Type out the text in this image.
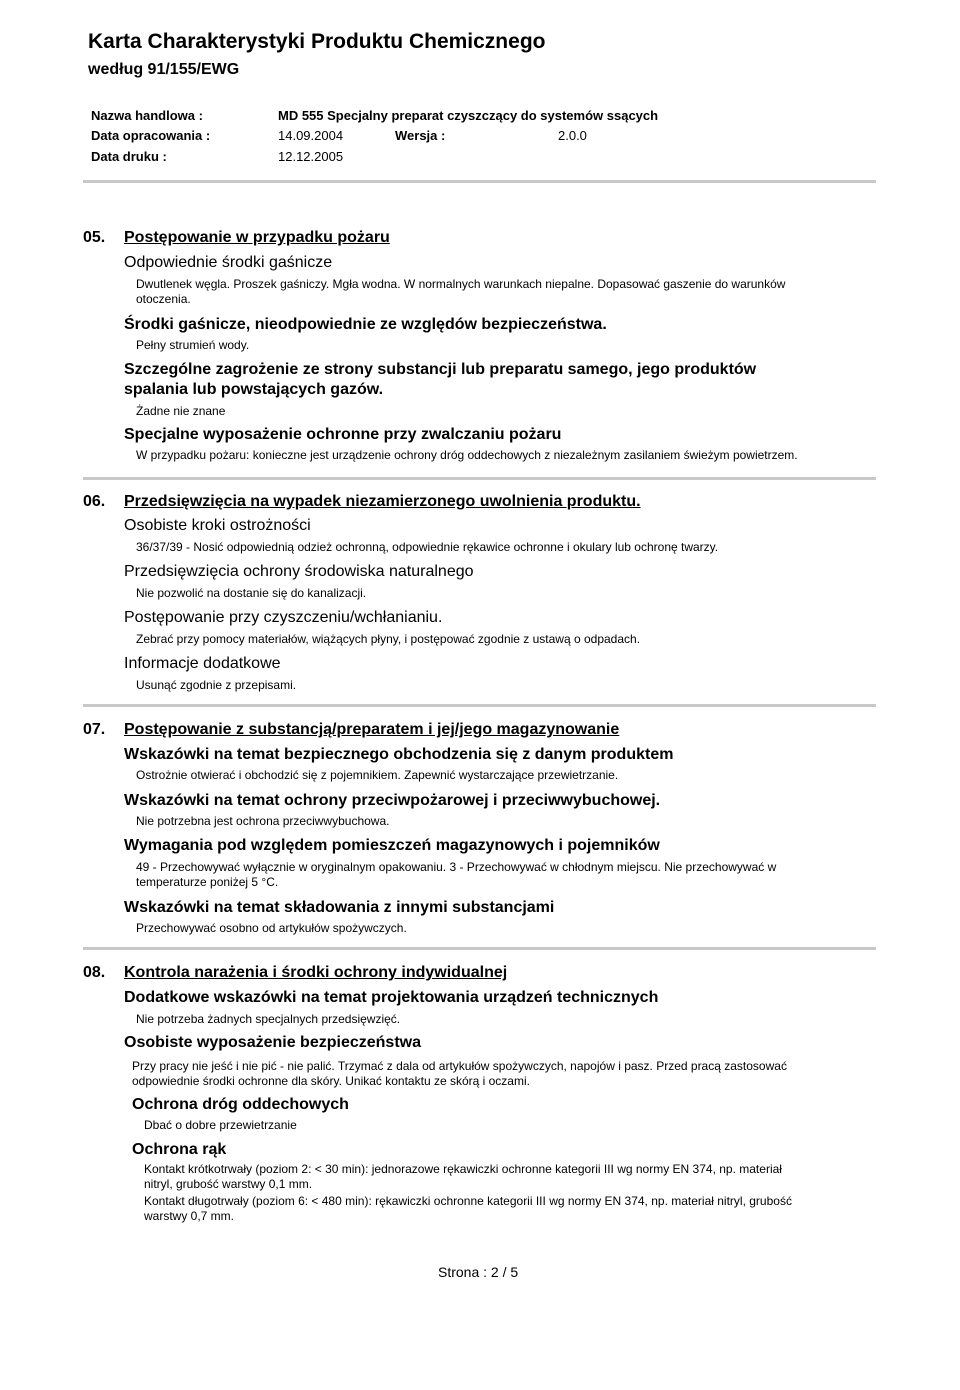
Karta Charakterystyki Produktu Chemicznego
według 91/155/EWG
Nazwa handlowa :	MD 555 Specjalny preparat czyszczący do systemów ssących
Data opracowania :	14.09.2004	Wersja :	2.0.0
Data druku :	12.12.2005
05. Postępowanie w przypadku pożaru
Odpowiednie środki gaśnicze
Dwutlenek węgla. Proszek gaśniczy. Mgła wodna. W normalnych warunkach niepalne. Dopasować gaszenie do warunków
otoczenia.
Środki gaśnicze, nieodpowiednie ze względów bezpieczeństwa.
Pełny strumień wody.
Szczególne zagrożenie ze strony substancji lub preparatu samego, jego produktów
spalania lub powstających gazów.
Żadne nie znane
Specjalne wyposażenie ochronne przy zwalczaniu pożaru
W przypadku pożaru: konieczne jest urządzenie ochrony dróg oddechowych z niezależnym zasilaniem świeżym powietrzem.
06. Przedsięwzięcia na wypadek niezamierzonego uwolnienia produktu.
Osobiste kroki ostrożności
36/37/39 - Nosić odpowiednią odzież ochronną, odpowiednie rękawice ochronne i okulary lub ochronę twarzy.
Przedsięwzięcia ochrony środowiska naturalnego
Nie pozwolić na dostanie się do kanalizacji.
Postępowanie przy czyszczeniu/wchłanianiu.
Zebrać przy pomocy materiałów, wiążących płyny, i postępować zgodnie z ustawą o odpadach.
Informacje dodatkowe
Usunąć zgodnie z przepisami.
07. Postępowanie z substancją/preparatem i jej/jego magazynowanie
Wskazówki na temat bezpiecznego obchodzenia się z danym produktem
Ostrożnie otwierać i obchodzić się z pojemnikiem. Zapewnić wystarczające przewietrzanie.
Wskazówki na temat ochrony przeciwpożarowej i przeciwwybuchowej.
Nie potrzebna jest ochrona przeciwwybuchowa.
Wymagania pod względem pomieszczeń magazynowych i pojemników
49 - Przechowywać wyłącznie w oryginalnym opakowaniu. 3 - Przechowywać w chłodnym miejscu. Nie przechowywać w
temperaturze poniżej 5 °C.
Wskazówki na temat składowania z innymi substancjami
Przechowywać osobno od artykułów spożywczych.
08. Kontrola narażenia i środki ochrony indywidualnej
Dodatkowe wskazówki na temat projektowania urządzeń technicznych
Nie potrzeba żadnych specjalnych przedsięwzięć.
Osobiste wyposażenie bezpieczeństwa
Przy pracy nie jeść i nie pić - nie palić. Trzymać z dala od artykułów spożywczych, napojów i pasz. Przed pracą zastosować
odpowiednie środki ochronne dla skóry. Unikać kontaktu ze skórą i oczami.
Ochrona dróg oddechowych
Dbać o dobre przewietrzanie
Ochrona rąk
Kontakt krótkotrwały (poziom 2: < 30 min): jednorazowe rękawiczki ochronne kategorii III wg normy EN 374, np. materiał
nitryl, grubość warstwy 0,1 mm.
Kontakt długotrwały (poziom 6: < 480 min): rękawiczki ochronne kategorii III wg normy EN 374, np. materiał nitryl, grubość
warstwy 0,7 mm.
Strona : 2 / 5
